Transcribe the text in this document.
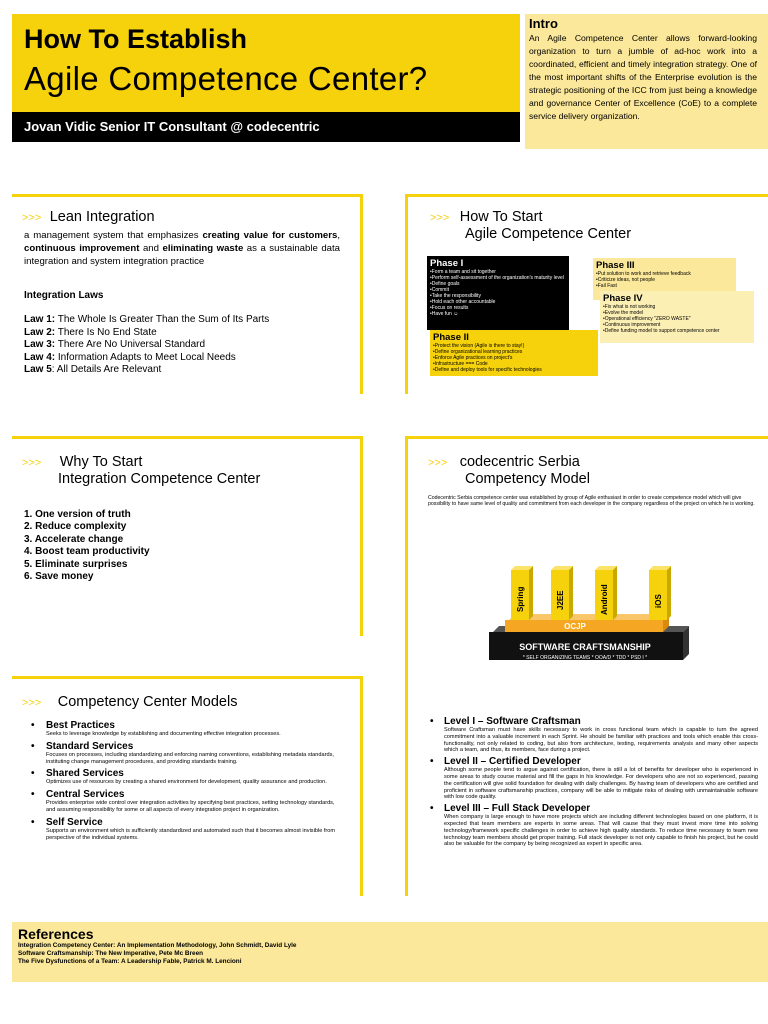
How To Establish
Agile Competence Center?
Jovan Vidic Senior IT Consultant @ codecentric
Intro
An Agile Competence Center allows forward-looking organization to turn a jumble of ad-hoc work into a coordinated, efficient and timely integration strategy. One of the most important shifts of the Enterprise evolution is the strategic positioning of the ICC from just being a knowledge and governance Center of Excellence (CoE) to a complete service delivery organization.
>>> Lean Integration
a management system that emphasizes creating value for customers, continuous improvement and eliminating waste as a sustainable data integration and system integration practice
Integration Laws
Law 1: The Whole Is Greater Than the Sum of Its Parts
Law 2: There Is No End State
Law 3: There Are No Universal Standard
Law 4: Information Adapts to Meet Local Needs
Law 5: All Details Are Relevant
>>> How To Start
Agile Competence Center
Phase I
•Form a team and sit together
•Perform self-assessment of the organization's maturity level
•Define goals
•Commit
•Take the responsibility
•Hold each other accountable
•Focus on results
•Have fun ☺
Phase II
•Protect the vision (Agile is there to stay!)
•Define organizational learning practices
•Enforce Agile practices on project's
•Infrastructure === Code
•Define and deploy tools for specific technologies
Phase III
•Put solution to work and retrieve feedback
•Criticize ideas, not people
•Fail Fast
Phase IV
•Fix what is not working
•Evolve the model
•Operational efficiency "ZERO WASTE"
•Continuous improvement
•Define funding model to support competence center
>>> Why To Start
Integration Competence Center
1. One version of truth
2. Reduce complexity
3. Accelerate change
4. Boost team productivity
5. Eliminate surprises
6. Save money
>>> codecentric Serbia
Competency Model
Codecentric Serbia competence center was established by group of Agile enthusiast in order to create competence model which will give possibility to have same level of quality and commitment from each developer in the company regardless of the project on which he is working.
SOFTWARE CRAFTSMANSHIP
* SELF ORGANIZING TEAMS * OOA/D * TDD * PSD I *
OCJP
Spring	J2EE	Android	iOS
>>> Competency Center Models
• Best Practices
Seeks to leverage knowledge by establishing and documenting effective integration processes.
• Standard Services
Focuses on processes, including standardizing and enforcing naming conventions, establishing metadata standards, instituting change management procedures, and providing standards training.
• Shared Services
Optimizes use of resources by creating a shared environment for development, quality assurance and production.
• Central Services
Provides enterprise wide control over integration activities by specifying best practices, setting technology standards, and assuming responsibility for some or all aspects of every integration project in organization.
• Self Service
Supports an environment which is sufficiently standardized and automated such that it becomes almost invisible from perspective of the individual systems.
• Level I – Software Craftsman
Software Craftsman must have skills necessary to work in cross functional team which is capable to turn the agreed commitment into a valuable increment in each Sprint. He should be familiar with practices and tools which enable this cross-functionality, not only related to coding, but also from architecture, testing, requirements analysis and many other aspects which a team, and thus, its members, face during a project.
• Level II – Certified Developer
Although some people tend to argue against certification, there is still a lot of benefits for developer who is experienced in some areas to study course material and fill the gaps in his knowledge. For developers who are not so experienced, passing the certification will give solid foundation for dealing with daily challenges. By having team of developers who are certified and proficient in software craftsmanship practices, company will be able to mitigate risks of dealing with unmaintainable software with low code quality.
• Level III – Full Stack Developer
When company is large enough to have more projects which are including different technologies based on one platform, it is expected that team members are experts in some areas. That will cause that they must invest more time into solving technology/framework specific challenges in order to achieve high quality standards. To reduce time necessary to team new technology team members should get proper training. Full stack developer is not only capable to finish his project, but he could also be valuable for the company by being recognized as expert in specific area.
References
Integration Competency Center: An Implementation Methodology, John Schmidt, David Lyle
Software Craftsmanship: The New Imperative, Pete Mc Breen
The Five Dysfunctions of a Team: A Leadership Fable, Patrick M. Lencioni
